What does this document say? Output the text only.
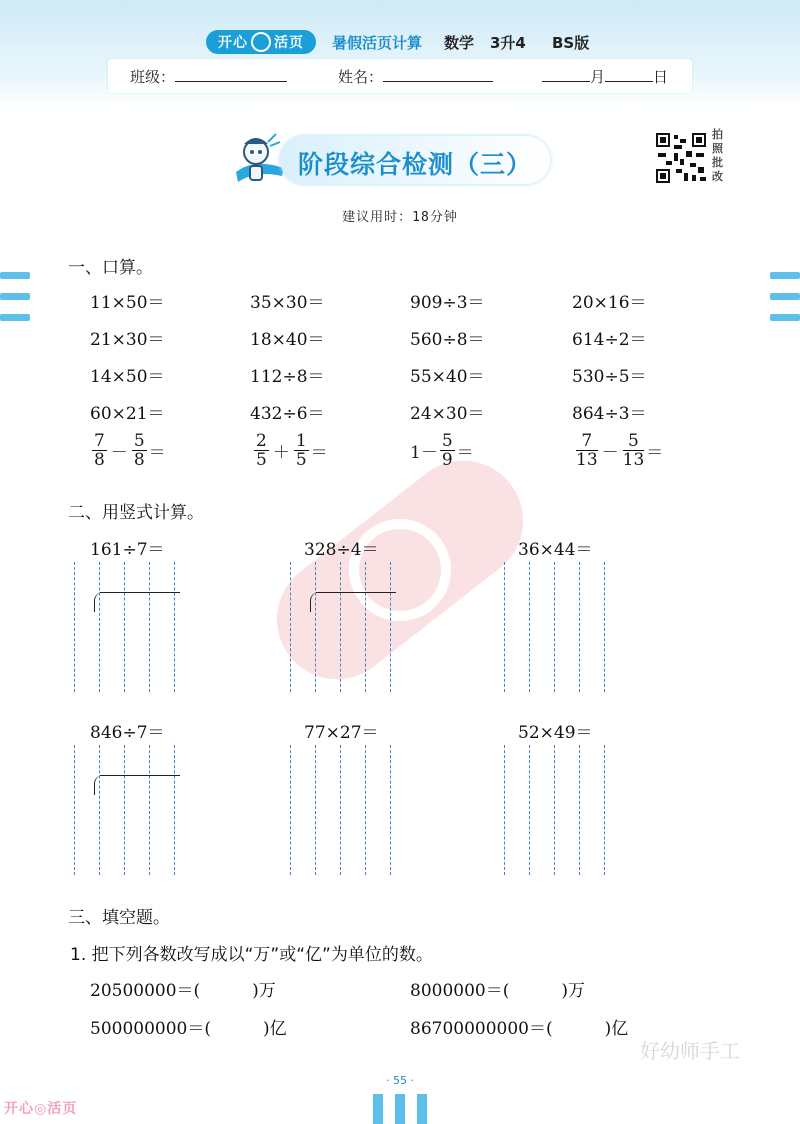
开心 活页 暑假活页计算 数学 3升4 BS版
班级：	姓名：	月	日
阶段综合检测（三）
拍
照
批
改
建议用时：18分钟
一、口算。
11×50＝	35×30＝	909÷3＝	20×16＝
21×30＝	18×40＝	560÷8＝	614÷2＝
14×50＝	112÷8＝	55×40＝	530÷5＝
60×21＝	432÷6＝	24×30＝	864÷3＝
$\frac{7}{8} - \frac{5}{8}$ ＝	$\frac{2}{5} + \frac{1}{5}$ ＝	$1- \frac{5}{9}$ ＝	$\frac{7}{13} - \frac{5}{13}$ ＝
二、用竖式计算。
161÷7＝	328÷4＝	36×44＝
846÷7＝	77×27＝	52×49＝
三、填空题。
1. 把下列各数改写成以“万”或“亿”为单位的数。
20500000＝(	)万	8000000＝(	)万
500000000＝(	)亿	86700000000＝(	)亿
好幼师手工
· 55 ·
开心◎活页
